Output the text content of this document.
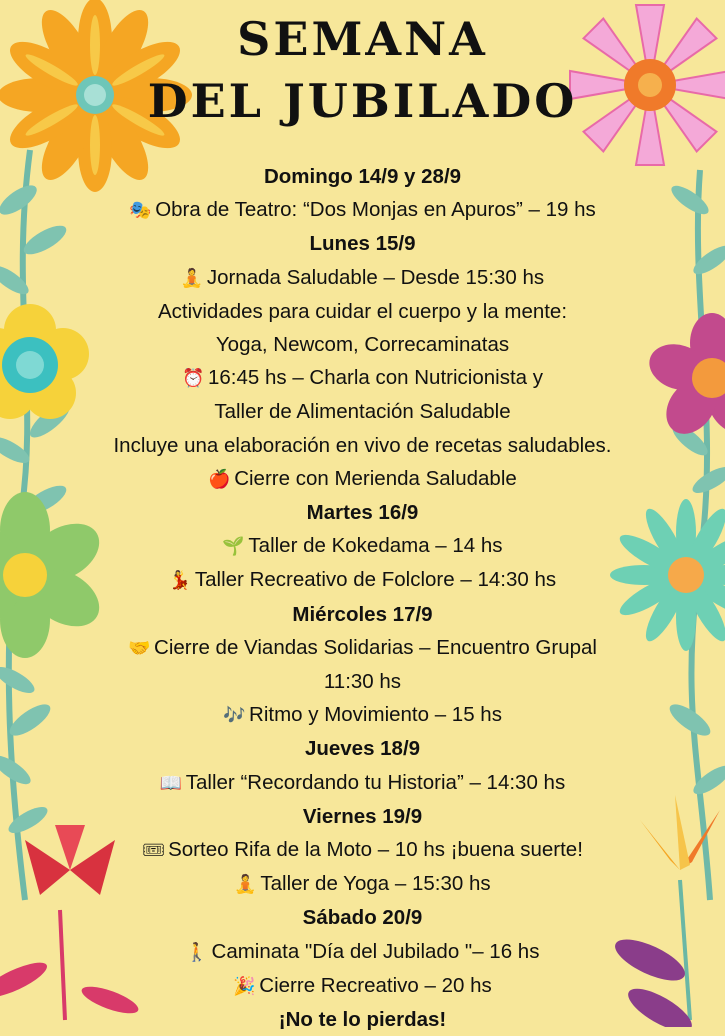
SEMANA
DEL JUBILADO
Domingo 14/9 y 28/9
🎭 Obra de Teatro: “Dos Monjas en Apuros” – 19 hs
Lunes 15/9
🧘 Jornada Saludable – Desde 15:30 hs
Actividades para cuidar el cuerpo y la mente:
Yoga, Newcom, Correcaminatas
⏰ 16:45 hs – Charla con Nutricionista y
Taller de Alimentación Saludable
Incluye una elaboración en vivo de recetas saludables.
🍎 Cierre con Merienda Saludable
Martes 16/9
🌱 Taller de Kokedama – 14 hs
💃 Taller Recreativo de Folclore – 14:30 hs
Miércoles 17/9
🤝 Cierre de Viandas Solidarias – Encuentro Grupal
11:30 hs
🎶 Ritmo y Movimiento – 15 hs
Jueves 18/9
📖 Taller “Recordando tu Historia” – 14:30 hs
Viernes 19/9
🎟 Sorteo Rifa de la Moto – 10 hs ¡buena suerte!
🧘 Taller de Yoga – 15:30 hs
Sábado 20/9
🚶 Caminata "Día del Jubilado "– 16 hs
🎉 Cierre Recreativo – 20 hs
¡No te lo pierdas!
